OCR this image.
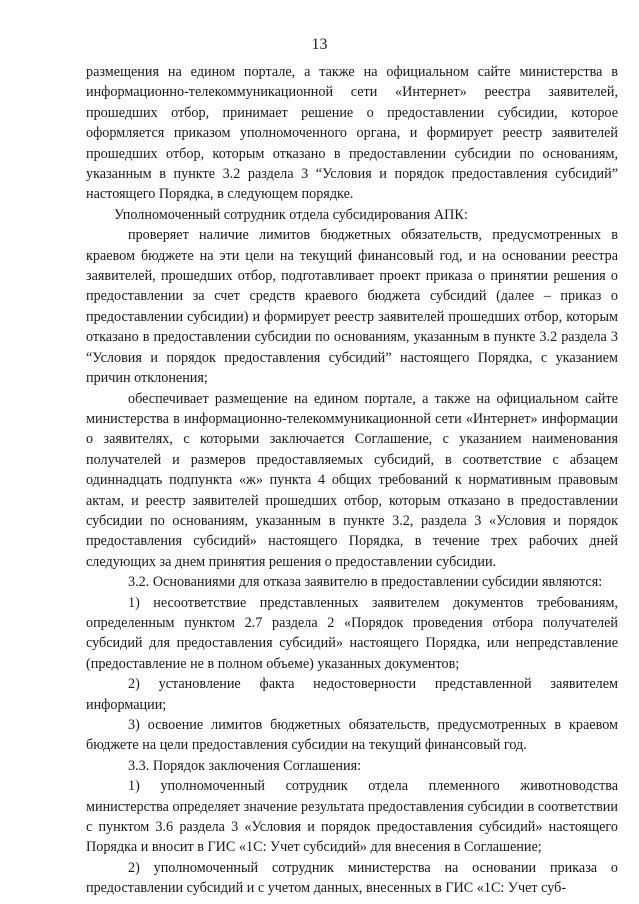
13

размещения на едином портале, а также на официальном сайте министерства в информационно-телекоммуникационной сети «Интернет» реестра заявителей, прошедших отбор, принимает решение о предоставлении субсидии, которое оформляется приказом уполномоченного органа, и формирует реестр заявителей прошедших отбор, которым отказано в предоставлении субсидии по основаниям, указанным в пункте 3.2 раздела 3 “Условия и порядок предоставления субсидий” настоящего Порядка, в следующем порядке.

Уполномоченный сотрудник отдела субсидирования АПК:

проверяет наличие лимитов бюджетных обязательств, предусмотренных в краевом бюджете на эти цели на текущий финансовый год, и на основании реестра заявителей, прошедших отбор, подготавливает проект приказа о принятии решения о предоставлении за счет средств краевого бюджета субсидий (далее – приказ о предоставлении субсидии) и формирует реестр заявителей прошедших отбор, которым отказано в предоставлении субсидии по основаниям, указанным в пункте 3.2 раздела 3 “Условия и порядок предоставления субсидий” настоящего Порядка, с указанием причин отклонения;

обеспечивает размещение на едином портале, а также на официальном сайте министерства в информационно-телекоммуникационной сети «Интернет» информации о заявителях, с которыми заключается Соглашение, с указанием наименования получателей и размеров предоставляемых субсидий, в соответствие с абзацем одиннадцать подпункта «ж» пункта 4 общих требований к нормативным правовым актам, и реестр заявителей прошедших отбор, которым отказано в предоставлении субсидии по основаниям, указанным в пункте 3.2, раздела 3 «Условия и порядок предоставления субсидий» настоящего Порядка, в течение трех рабочих дней следующих за днем принятия решения о предоставлении субсидии.

3.2. Основаниями для отказа заявителю в предоставлении субсидии являются:

1) несоответствие представленных заявителем документов требованиям, определенным пунктом 2.7 раздела 2 «Порядок проведения отбора получателей субсидий для предоставления субсидий» настоящего Порядка, или непредставление (предоставление не в полном объеме) указанных документов;

2) установление факта недостоверности представленной заявителем информации;

3) освоение лимитов бюджетных обязательств, предусмотренных в краевом бюджете на цели предоставления субсидии на текущий финансовый год.

3.3. Порядок заключения Соглашения:

1) уполномоченный сотрудник отдела племенного животноводства министерства определяет значение результата предоставления субсидии в соответствии с пунктом 3.6 раздела 3 «Условия и порядок предоставления субсидий» настоящего Порядка и вносит в ГИС «1С: Учет субсидий» для внесения в Соглашение;

2) уполномоченный сотрудник министерства на основании приказа о предоставлении субсидий и с учетом данных, внесенных в ГИС «1С: Учет суб-
